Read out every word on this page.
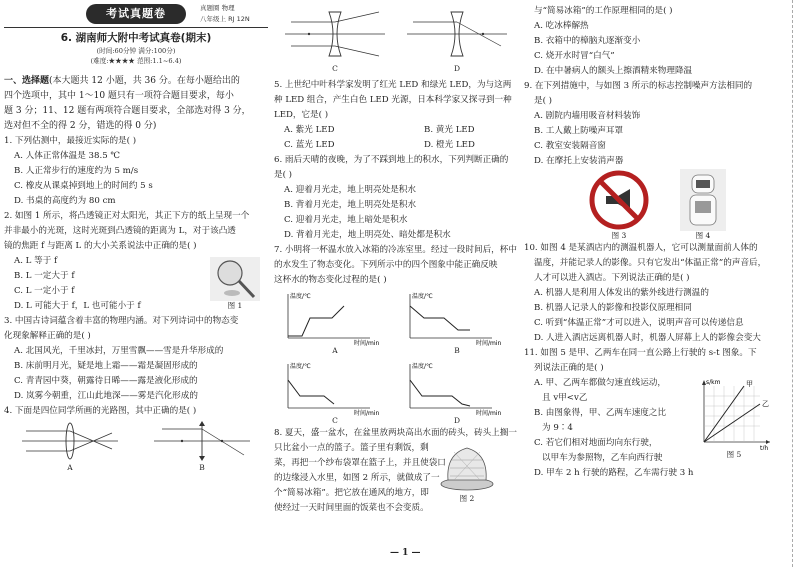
考试真题卷	真题圈 物理
八年级上 RJ 12N
6. 湖南师大附中考试真卷(期末)
(时间:60分钟 满分:100分)
(难度:★★★★ 范围:1.1~6.4)
一、选择题(本大题共 12 小题，共 36 分。在每小题给出的
四个选项中，其中 1～10 题只有一项符合题目要求，每小
题 3 分；11、12 题有两项符合题目要求，全部选对得 3 分，
选对但不全的得 2 分，错选的得 0 分)
1. 下列估测中，最接近实际的是( )
A. 人体正常体温是 38.5 ℃
B. 人正常步行的速度约为 5 m/s
C. 橡皮从课桌掉到地上的时间约 5 s
D. 书桌的高度约为 80 cm
2. 如图 1 所示，将凸透镜正对太阳光，其正下方的纸上呈现一个
并非最小的光斑，这时光斑到凸透镜的距离为 L，对于该凸透
镜的焦距 f 与距离 L 的大小关系说法中正确的是( )
A. L 等于 f
B. L 一定大于 f
C. L 一定小于 f
D. L 可能大于 f，L 也可能小于 f	图 1
3. 中国古诗词蕴含着丰富的物理内涵。对下列诗词中的物态变
化现象解释正确的是( )
A. 北国风光，千里冰封，万里雪飘——雪是升华形成的
B. 床前明月光，疑是地上霜——霜是凝固形成的
C. 青青园中葵，朝露待日晞——露是液化形成的
D. 岚雾今朝重，江山此地深——雾是汽化形成的
4. 下面是四位同学所画的光路图，其中正确的是( )
A	B
C	D
5. 上世纪中叶科学家发明了红光 LED 和绿光 LED，为与这两
种 LED 组合，产生白色 LED 光源，日本科学家又探寻到一种
LED，它是( )
A. 紫光 LED	B. 黄光 LED
C. 蓝光 LED	D. 橙光 LED
6. 雨后天晴的夜晚，为了不踩到地上的积水，下列判断正确的
是( )
A. 迎着月光走，地上明亮处是积水
B. 背着月光走，地上明亮处是积水
C. 迎着月光走，地上暗处是积水
D. 背着月光走，地上明亮处、暗处都是积水
7. 小明将一杯温水放入冰箱的冷冻室里。经过一段时间后，杯中
的水发生了物态变化。下列所示中的四个图象中能正确反映
这杯水的物态变化过程的是( )
温度/℃
时间/min
A
温度/℃
时间/min
B
温度/℃
时间/min
C
温度/℃
时间/min
D
8. 夏天，盛一盆水，在盆里放两块高出水面的砖头，砖头上搁一
只比盆小一点的篮子。篮子里有剩饭，剩
菜，再把一个纱布袋罩在篮子上，并且使袋口
的边缘浸入水里，如图 2 所示，就做成了一
个“简易冰箱”。把它放在通风的地方，即
使经过一天时间里面的饭菜也不会变质。
图 2
与“简易冰箱”的工作原理相同的是( )
A. 吃冰棒解热
B. 衣箱中的樟脑丸逐渐变小
C. 烧开水时冒“白气”
D. 在中暑病人的额头上擦酒精来物理降温
9. 在下列措施中，与如图 3 所示的标志控制噪声方法相同的
是( )
A. 剧院内墙用吸音材料装饰
B. 工人戴上防噪声耳罩
C. 教室安装隔音窗
D. 在摩托上安装消声器
图 3	图 4
10. 如图 4 是某酒店内的测温机器人，它可以测量面前人体的
温度，并能记录人的影像。只有它发出“体温正常”的声音后，
人才可以进入酒店。下列说法正确的是( )
A. 机器人是利用人体发出的紫外线进行测温的
B. 机器人记录人的影像和投影仪原理相同
C. 听到“体温正常”才可以进入，说明声音可以传递信息
D. 人进入酒店远离机器人时，机器人屏幕上人的影像会变大
11. 如图 5 是甲、乙两车在同一直公路上行驶的 s-t 图象。下
列说法正确的是( )
A. 甲、乙两车都做匀速直线运动，
且 v甲<v乙
B. 由图象得，甲、乙两车速度之比
为 9∶4
C. 若它们相对地面均向东行驶，
以甲车为参照物，乙车向西行驶
D. 甲车 2 h 行驶的路程，乙车需行驶 3 h
s/km
t/h
甲
乙
图 5
— 1 —
